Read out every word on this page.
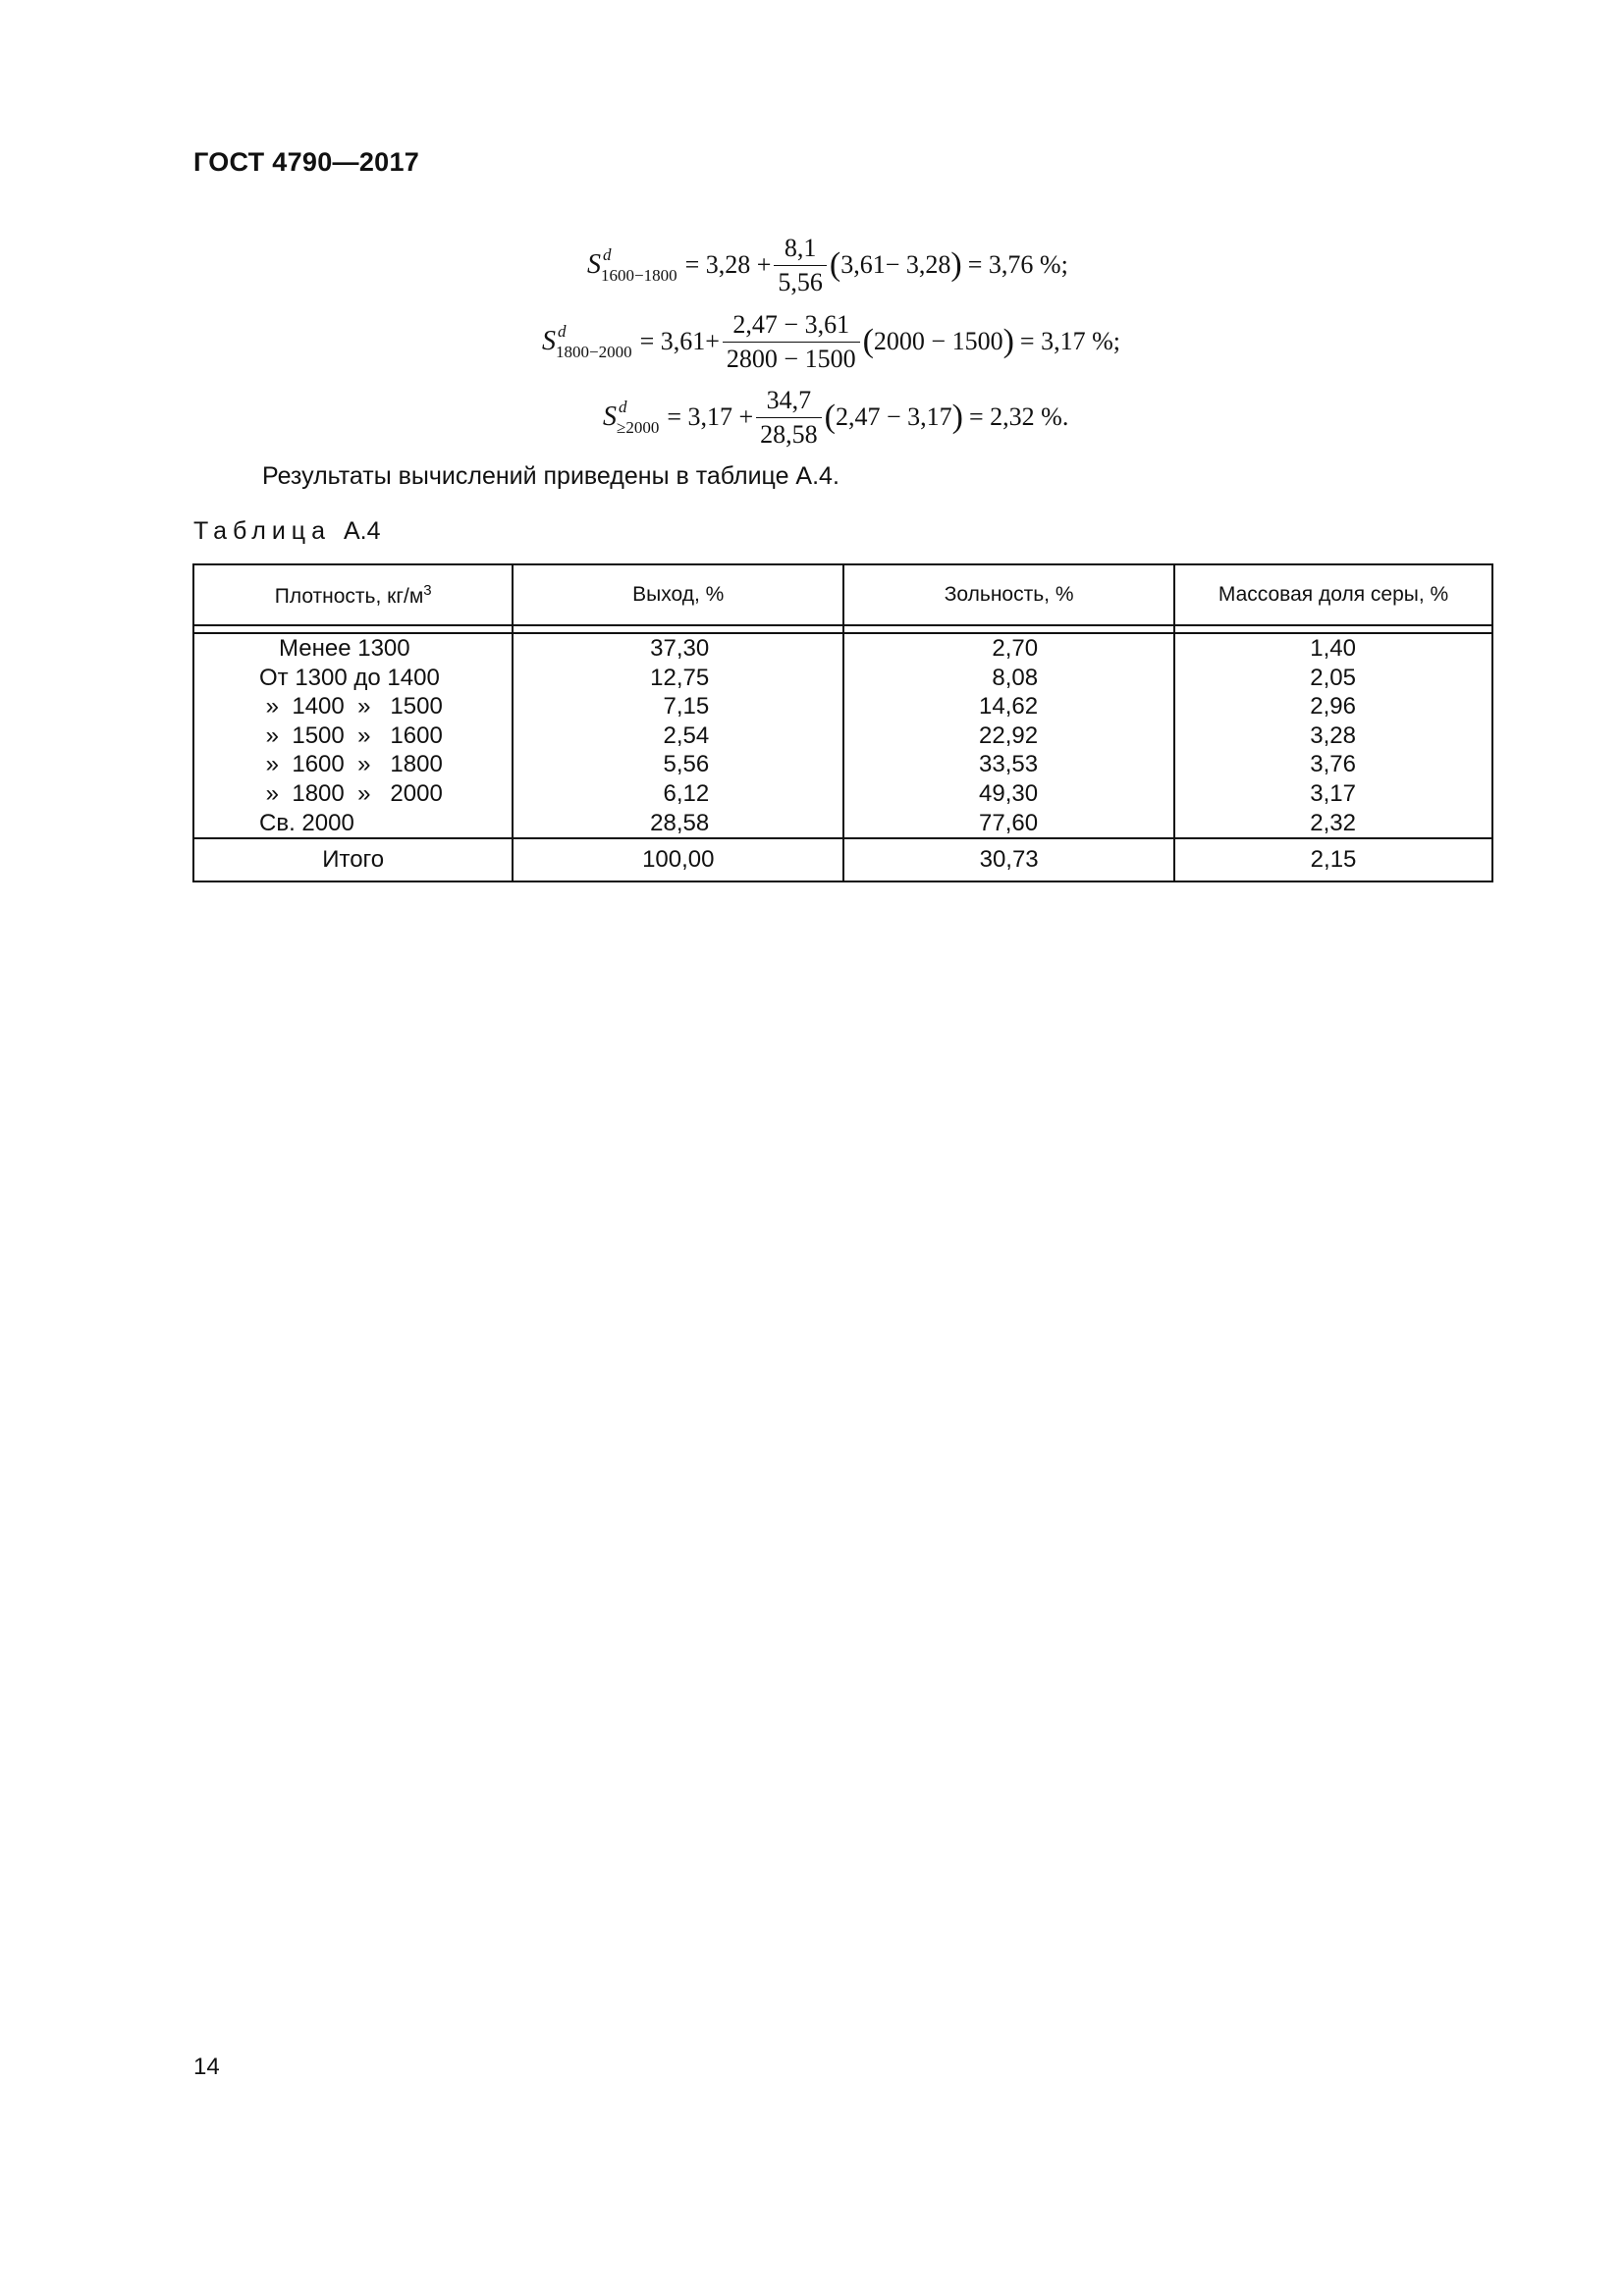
ГОСТ 4790—2017
S d
$1600-1800 = 3,28 + \frac{8,1}{5,56}$ ( 3,61− 3,28 ) = 3,76 %;
S d
$1800-2000 = 3,61+ \frac{2,47 - 3,61}{2800 - 1500}$ ( 2000 − 1500 ) = 3,17 %;
S d
$\ge 2000 = 3,17 + \frac{34,7}{28,58}$ ( 2,47 − 3,17 ) = 2,32 %.
Результаты вычислений приведены в таблице А.4.
Таблица А.4
Плотность, $кг/м^3$	Выход, %	Зольность, %	Массовая доля серы, %

Менее 1300	37,30	2,70	1,40
От 1300 до 1400	12,75	8,08	2,05
»  1400  »   1500	7,15	14,62	2,96
»  1500  »   1600	2,54	22,92	3,28
»  1600  »   1800	5,56	33,53	3,76
»  1800  »   2000	6,12	49,30	3,17
Св. 2000	28,58	77,60	2,32
Итого	100,00	30,73	2,15
14
